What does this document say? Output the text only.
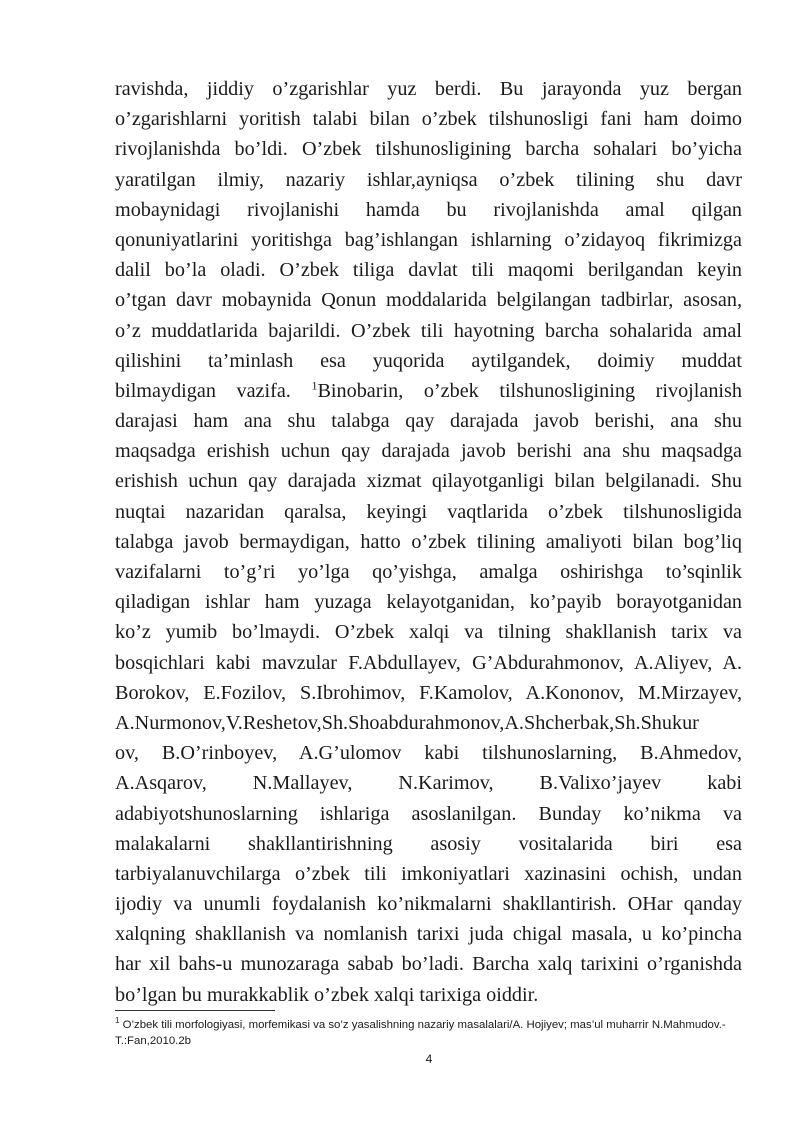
ravishda, jiddiy o’zgarishlar yuz berdi. Bu jarayonda yuz bergan
o’zgarishlarni yoritish talabi bilan o’zbek tilshunosligi fani ham doimo
rivojlanishda bo’ldi. O’zbek tilshunosligining barcha sohalari bo’yicha
yaratilgan ilmiy, nazariy ishlar,ayniqsa o’zbek tilining shu davr
mobaynidagi rivojlanishi hamda bu rivojlanishda amal qilgan
qonuniyatlarini yoritishga bag’ishlangan ishlarning o’zidayoq fikrimizga
dalil bo’la oladi. O’zbek tiliga davlat tili maqomi berilgandan keyin
o’tgan davr mobaynida Qonun moddalarida belgilangan tadbirlar, asosan,
o’z muddatlarida bajarildi. O’zbek tili hayotning barcha sohalarida amal
qilishini ta’minlash esa yuqorida aytilgandek, doimiy muddat
bilmaydigan vazifa. $^1$Binobarin, o’zbek tilshunosligining rivojlanish
darajasi ham ana shu talabga qay darajada javob berishi, ana shu
maqsadga erishish uchun qay darajada javob berishi ana shu maqsadga
erishish uchun qay darajada xizmat qilayotganligi bilan belgilanadi. Shu
nuqtai nazaridan qaralsa, keyingi vaqtlarida o’zbek tilshunosligida
talabga javob bermaydigan, hatto o’zbek tilining amaliyoti bilan bog’liq
vazifalarni to’g’ri yo’lga qo’yishga, amalga oshirishga to’sqinlik
qiladigan ishlar ham yuzaga kelayotganidan, ko’payib borayotganidan
ko’z yumib bo’lmaydi. O’zbek xalqi va tilning shakllanish tarix va
bosqichlari kabi mavzular F.Abdullayev, G’Abdurahmonov, A.Aliyev, A.
Borokov, E.Fozilov, S.Ibrohimov, F.Kamolov, A.Kononov, M.Mirzayev,
A.Nurmonov,V.Reshetov,Sh.Shoabdurahmonov,A.Shcherbak,Sh.Shukur
ov, B.O’rinboyev, A.G’ulomov kabi tilshunoslarning, B.Ahmedov,
A.Asqarov, N.Mallayev, N.Karimov, B.Valixo’jayev kabi
adabiyotshunoslarning ishlariga asoslanilgan. Bunday ko’nikma va
malakalarni shakllantirishning asosiy vositalarida biri esa
tarbiyalanuvchilarga o’zbek tili imkoniyatlari xazinasini ochish, undan
ijodiy va unumli foydalanish ko’nikmalarni shakllantirish. OHar qanday
xalqning shakllanish va nomlanish tarixi juda chigal masala, u ko’pincha
har xil bahs-u munozaraga sabab bo’ladi. Barcha xalq tarixini o’rganishda
bo’lgan bu murakkablik o’zbek xalqi tarixiga oiddir.
$^1$ O’zbek tili morfologiyasi, morfemikasi va so’z yasalishning nazariy masalalari/A. Hojiyev; mas’ul muharrir N.Mahmudov.-T.:Fan,2010.2b
4
